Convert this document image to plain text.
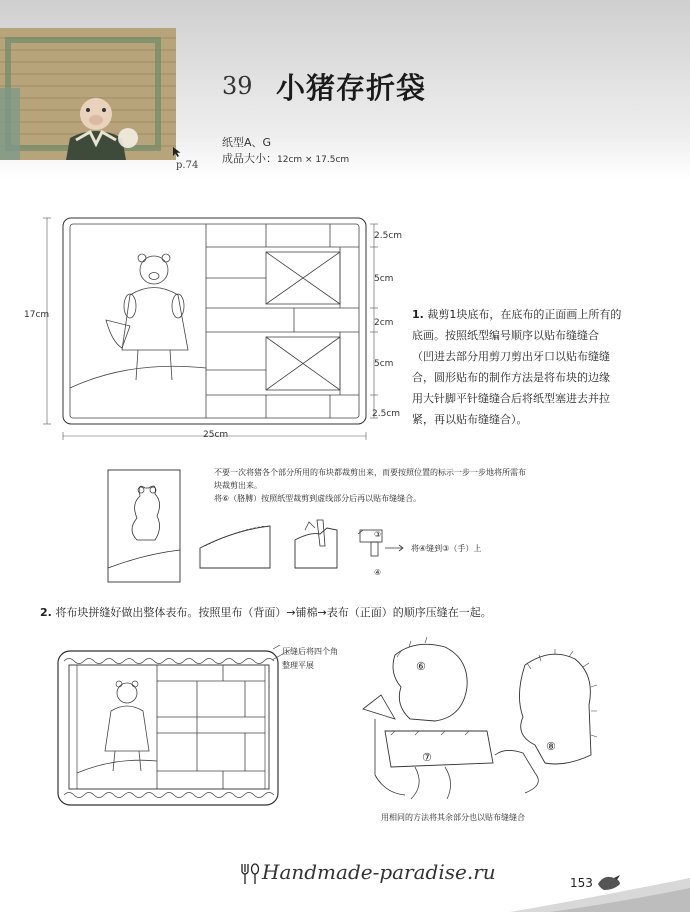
39 小猪存折袋
纸型A、G
成品大小：12cm × 17.5cm
p.74
17cm
25cm
2.5cm
5cm
2cm
5cm
2.5cm
1. 裁剪1块底布，在底布的正面画上所有的
底画。按照纸型编号顺序以贴布缝缝合
（凹进去部分用剪刀剪出牙口以贴布缝缝
合，圆形贴布的制作方法是将布块的边缘
用大针脚平针缝缝合后将纸型塞进去并拉
紧，再以贴布缝缝合）。
不要一次将猪各个部分所用的布块都裁剪出来，而要按照位置的标示一步一步地将所需布
块裁剪出来。
将⑥（胳膊）按照纸型裁剪到虚线部分后再以贴布缝缝合。
③
④
将④缝到③（手）上
2. 将布块拼缝好做出整体表布。按照里布（背面）→铺棉→表布（正面）的顺序压缝在一起。
压缝后将四个角
整理平展	⑥
⑦
⑧
用相同的方法将其余部分也以贴布缝缝合
Handmade-paradise.ru	153
